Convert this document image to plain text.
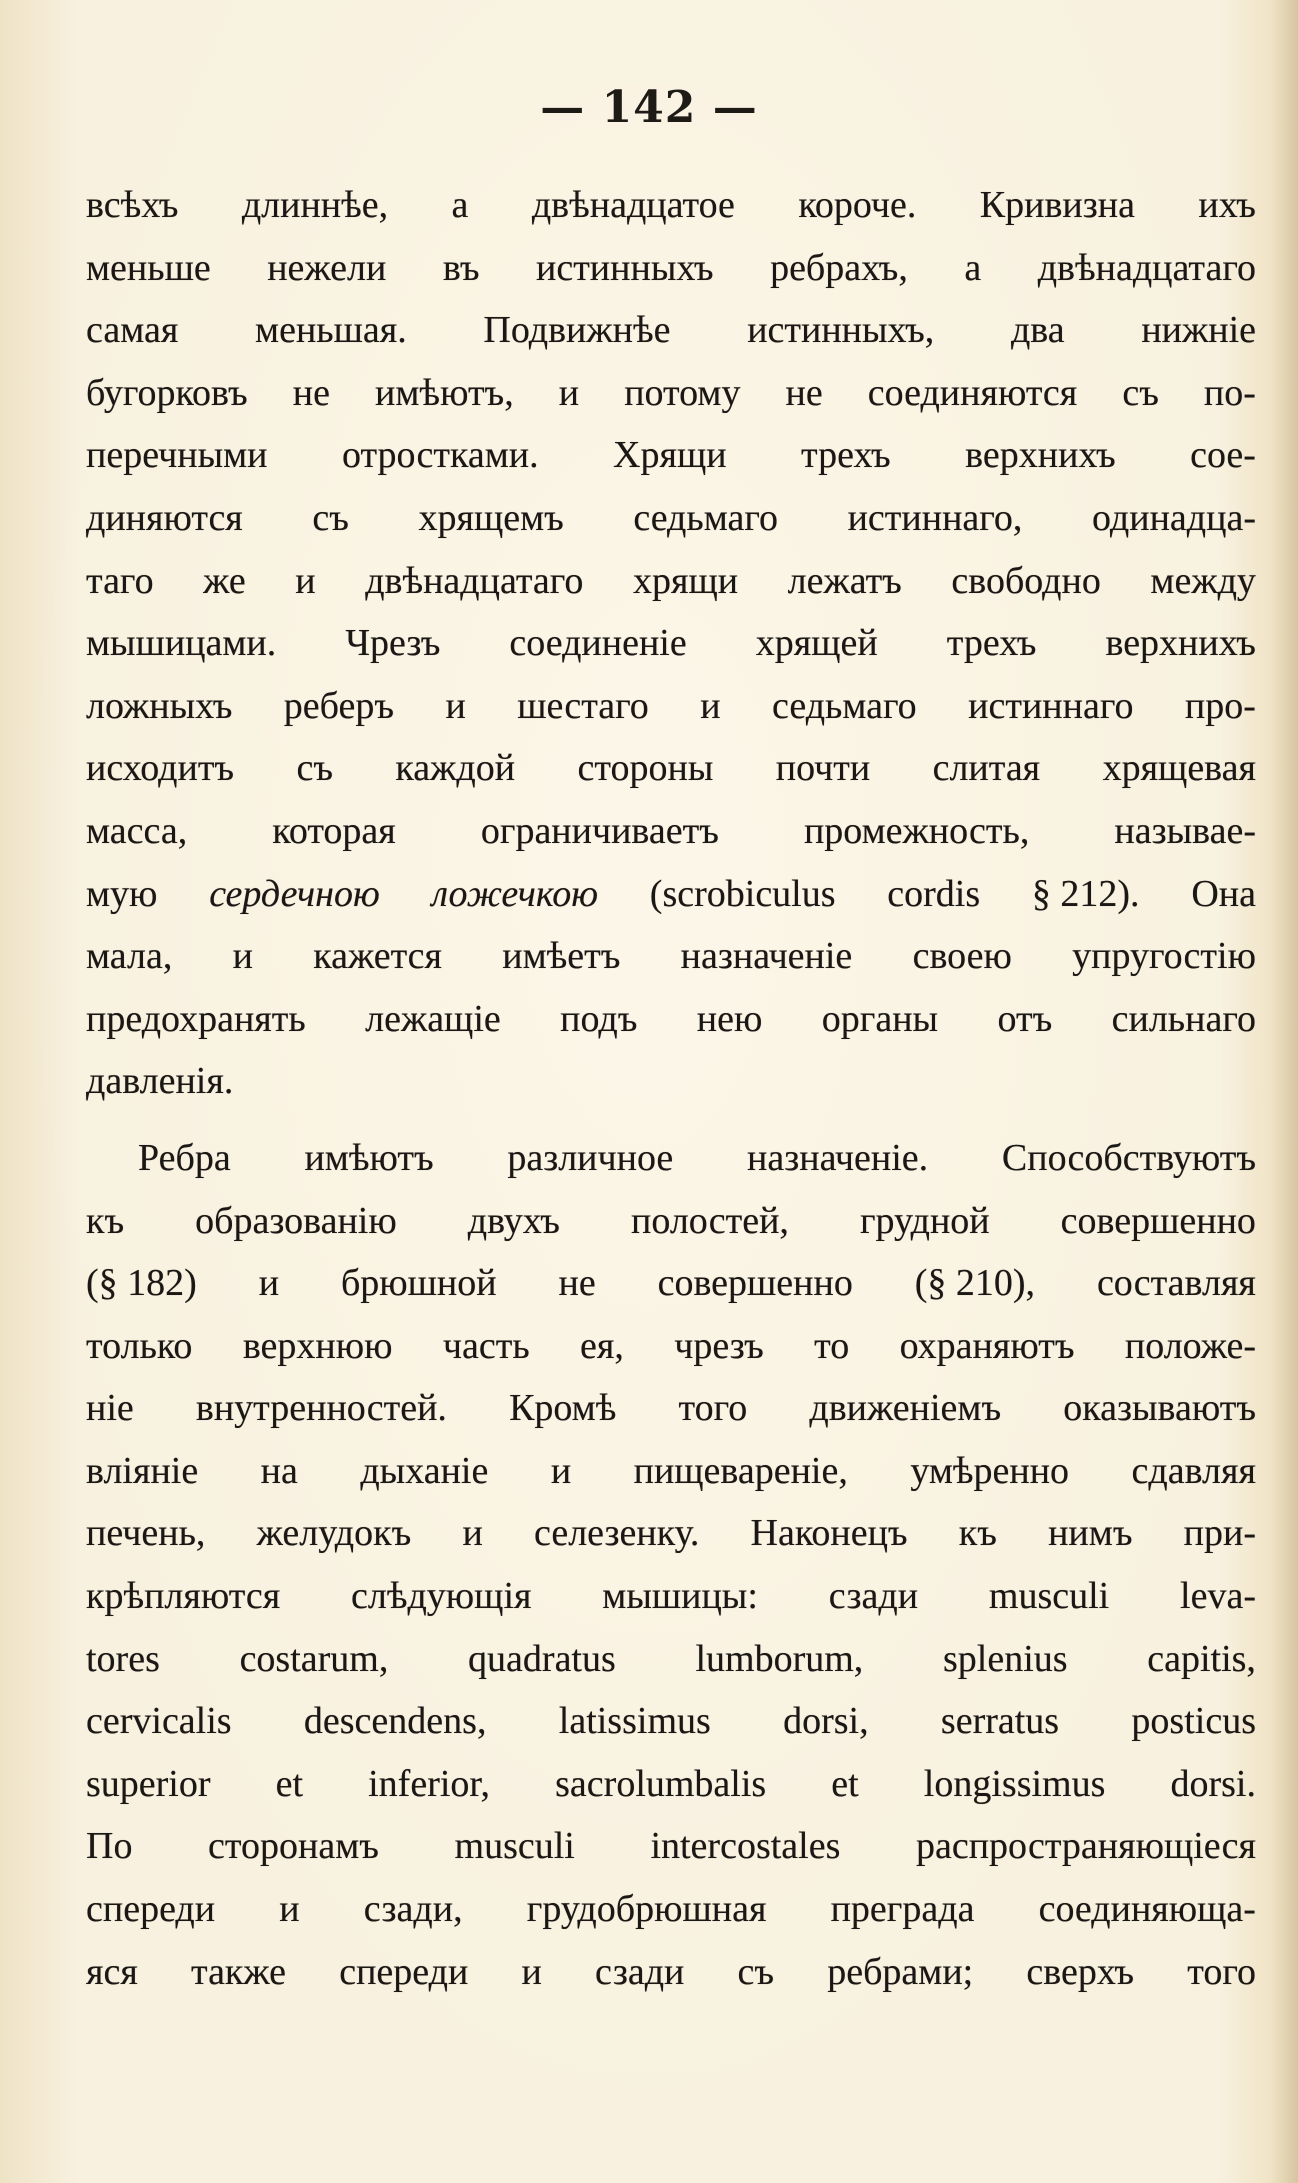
— 142 —
всѣхъ длиннѣе, а двѣнадцатое короче. Кривизна ихъ
меньше нежели въ истинныхъ ребрахъ, а двѣнадцатаго
самая меньшая. Подвижнѣе истинныхъ, два нижніе
бугорковъ не имѣютъ, и потому не соединяются съ по-
перечными отростками. Хрящи трехъ верхнихъ сое-
диняются съ хрящемъ седьмаго истиннаго, одинадца-
таго же и двѣнадцатаго хрящи лежатъ свободно между
мышицами. Чрезъ соединеніе хрящей трехъ верхнихъ
ложныхъ реберъ и шестаго и седьмаго истиннаго про-
исходитъ съ каждой стороны почти слитая хрящевая
масса, которая ограничиваетъ промежность, называе-
мую сердечною ложечкою (scrobiculus cordis § 212). Она
мала, и кажется имѣетъ назначеніе своею упругостію
предохранять лежащіе подъ нею органы отъ сильнаго
давленія.
Ребра имѣютъ различное назначеніе. Способствуютъ
къ образованію двухъ полостей, грудной совершенно
(§ 182) и брюшной не совершенно (§ 210), составляя
только верхнюю часть ея, чрезъ то охраняютъ положе-
ніе внутренностей. Кромѣ того движеніемъ оказываютъ
вліяніе на дыханіе и пищевареніе, умѣренно сдавляя
печень, желудокъ и селезенку. Наконецъ къ нимъ при-
крѣпляются слѣдующія мышицы: сзади musculi leva-
tores costarum, quadratus lumborum, splenius capitis,
cervicalis descendens, latissimus dorsi, serratus posticus
superior et inferior, sacrolumbalis et longissimus dorsi.
По сторонамъ musculi intercostales распространяющіеся
спереди и сзади, грудобрюшная преграда соединяюща-
яся также спереди и сзади съ ребрами; сверхъ того
